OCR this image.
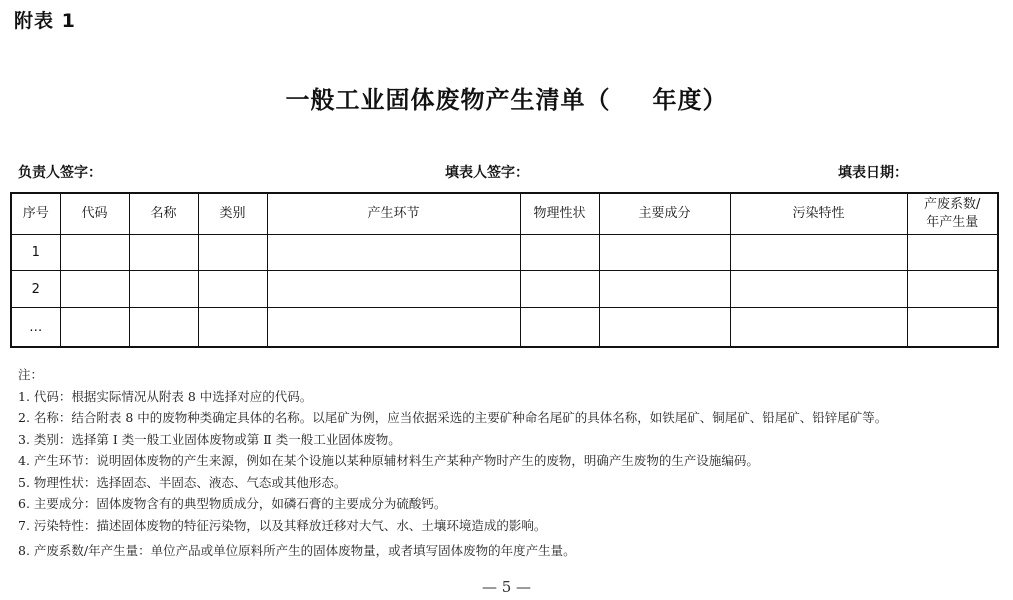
附表 1
一般工业固体废物产生清单（ 年度）
负责人签字：	填表人签字：	填表日期：
序号	代码	名称	类别	产生环节	物理性状	主要成分	污染特性	产废系数/
年产生量
1								
2								
…								
注：
1. 代码：根据实际情况从附表 8 中选择对应的代码。
2. 名称：结合附表 8 中的废物种类确定具体的名称。以尾矿为例，应当依据采选的主要矿种命名尾矿的具体名称，如铁尾矿、铜尾矿、铅尾矿、铅锌尾矿等。
3. 类别：选择第 Ⅰ 类一般工业固体废物或第 Ⅱ 类一般工业固体废物。
4. 产生环节：说明固体废物的产生来源，例如在某个设施以某种原辅材料生产某种产物时产生的废物，明确产生废物的生产设施编码。
5. 物理性状：选择固态、半固态、液态、气态或其他形态。
6. 主要成分：固体废物含有的典型物质成分，如磷石膏的主要成分为硫酸钙。
7. 污染特性：描述固体废物的特征污染物，以及其释放迁移对大气、水、土壤环境造成的影响。
8. 产废系数/年产生量：单位产品或单位原料所产生的固体废物量，或者填写固体废物的年度产生量。
— 5 —
